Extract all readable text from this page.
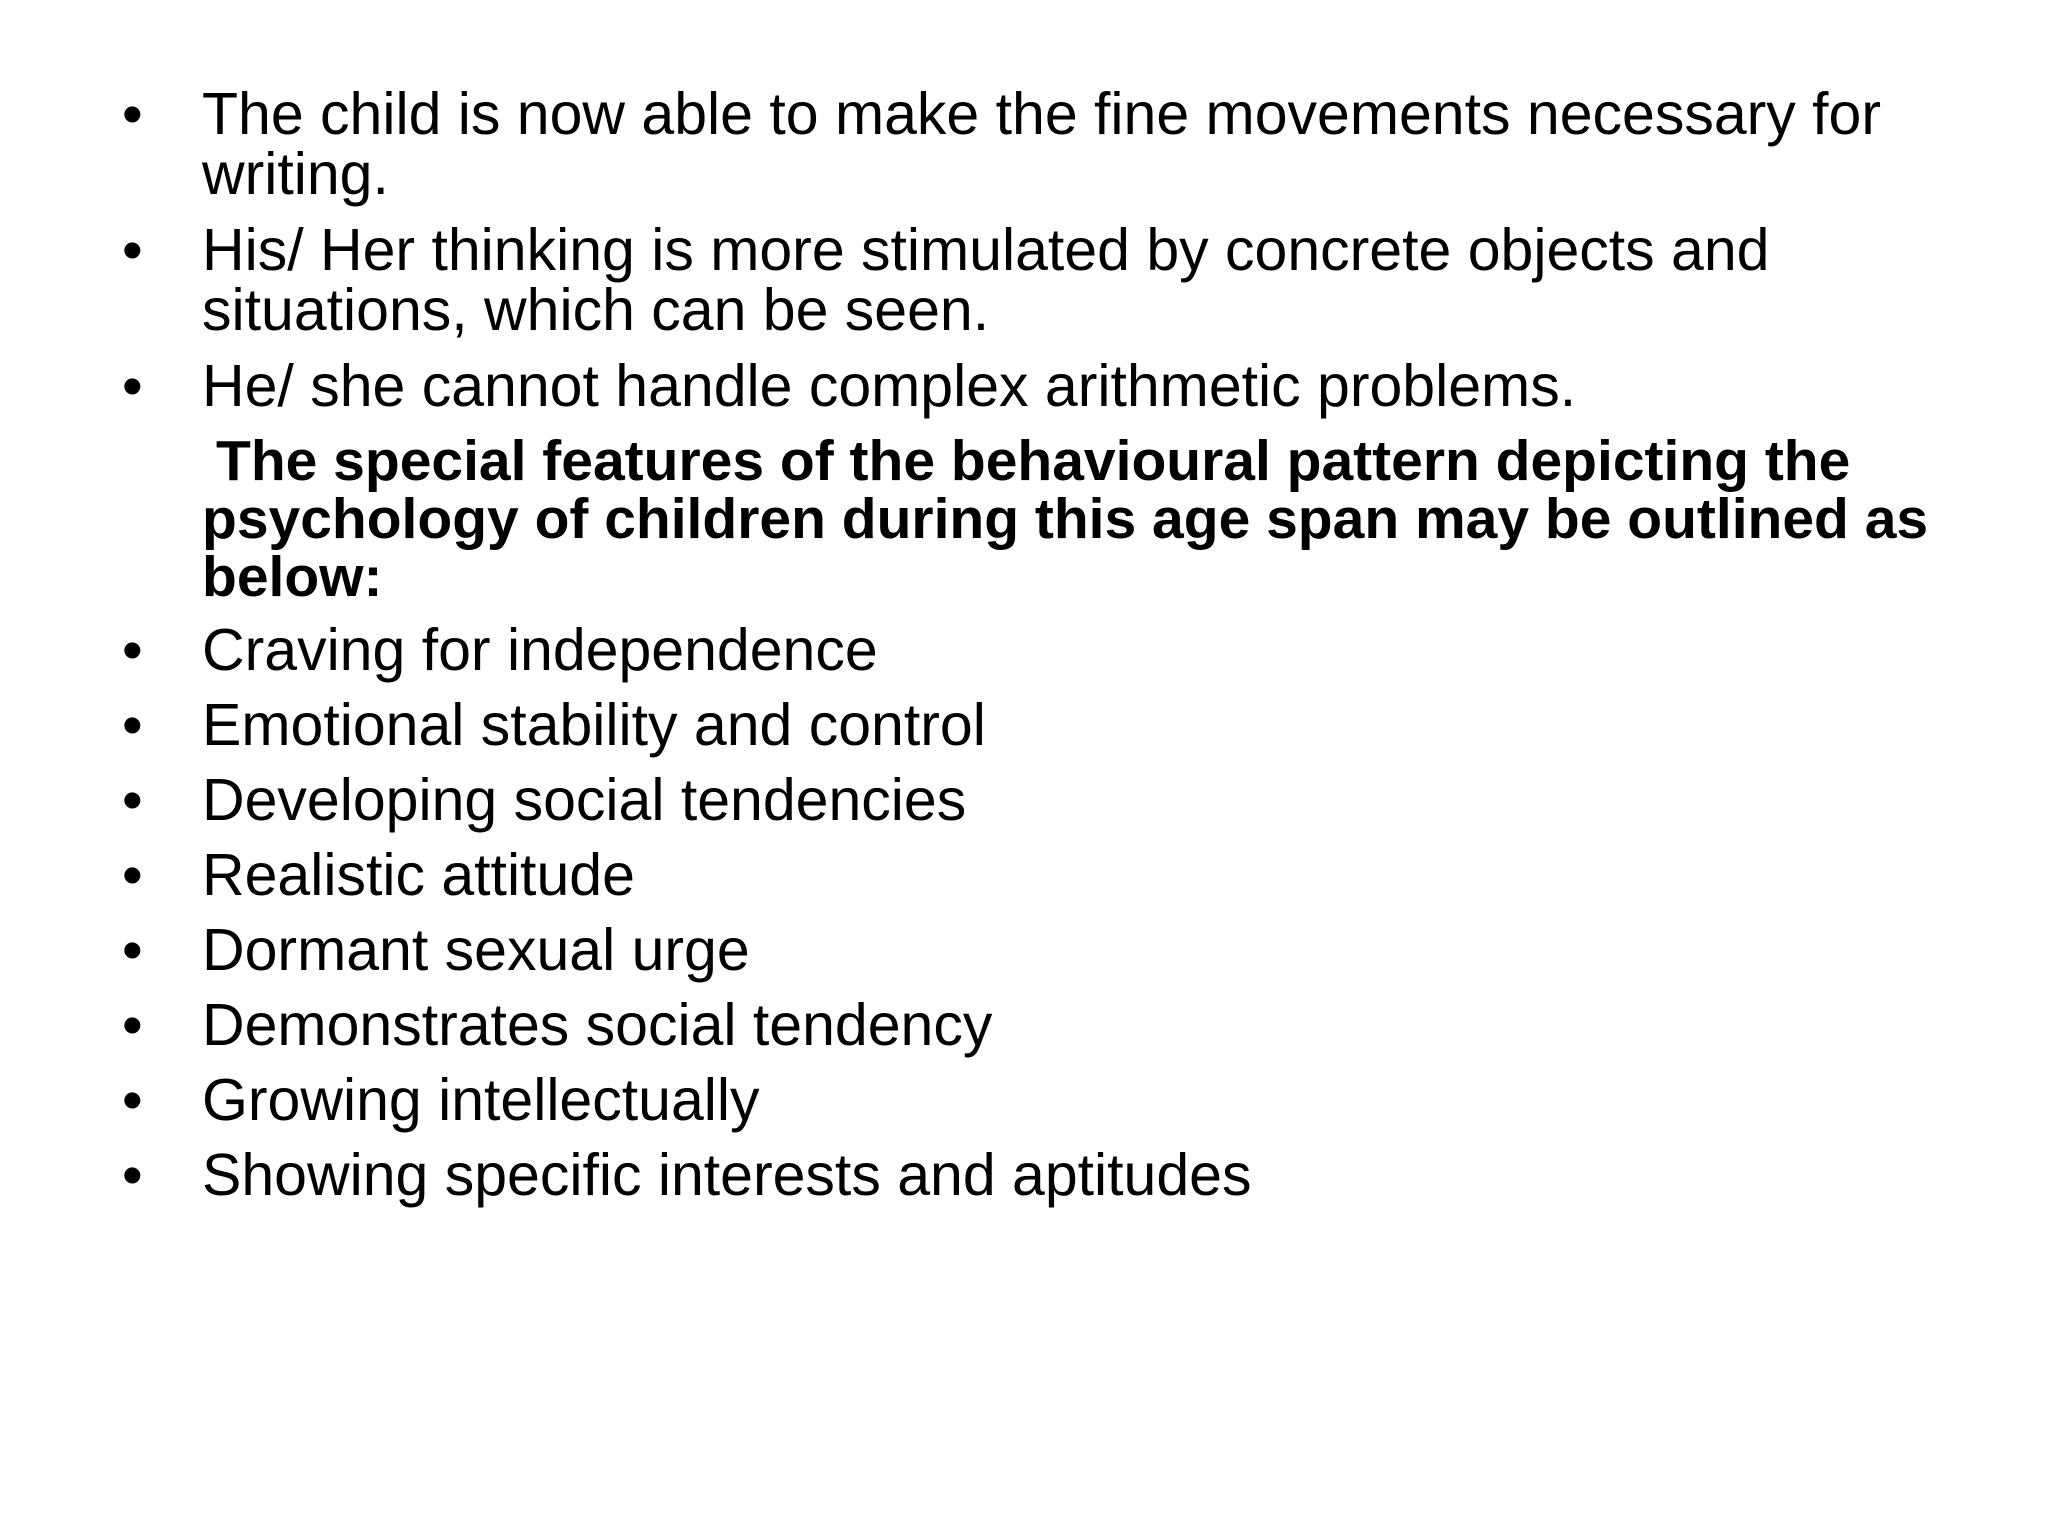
•	The child is now able to make the fine movements necessary for writing.
•	His/ Her thinking is more stimulated by concrete objects and situations, which can be seen.
•	He/ she cannot handle complex arithmetic problems.
The special features of the behavioural pattern depicting the psychology of children during this age span may be outlined as below:
•	Craving for independence
•	Emotional stability and control
•	Developing social tendencies
•	Realistic attitude
•	Dormant sexual urge
•	Demonstrates social tendency
•	Growing intellectually
•	Showing specific interests and aptitudes
